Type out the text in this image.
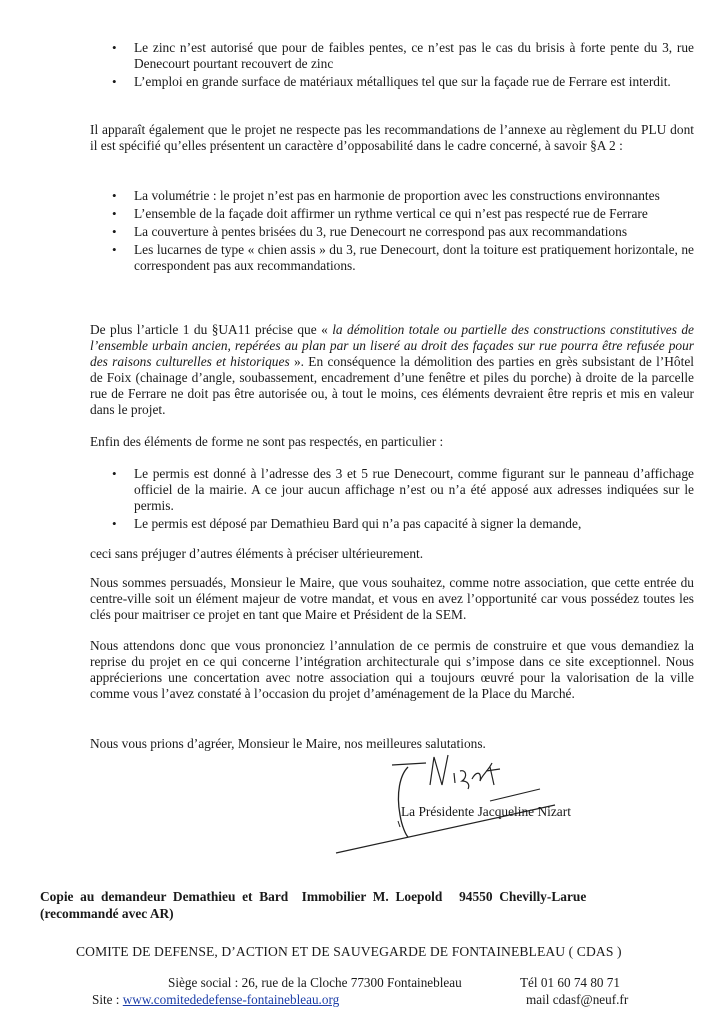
• Le zinc n’est autorisé que pour de faibles pentes, ce n’est pas le cas du brisis à forte pente du 3, rue Denecourt pourtant recouvert de zinc
• L’emploi en grande surface de matériaux métalliques tel que sur la façade rue de Ferrare est interdit.

Il apparaît également que le projet ne respecte pas les recommandations de l’annexe au règlement du PLU dont il est spécifié qu’elles présentent un caractère d’opposabilité dans le cadre concerné, à savoir §A 2 :

• La volumétrie : le projet n’est pas en harmonie de proportion avec les constructions environnantes
• L’ensemble de la façade doit affirmer un rythme vertical ce qui n’est pas respecté rue de Ferrare
• La couverture à pentes brisées du 3, rue Denecourt ne correspond pas aux recommandations
• Les lucarnes de type « chien assis » du 3, rue Denecourt, dont la toiture est pratiquement horizontale, ne correspondent pas aux recommandations.

De plus l’article 1 du §UA11 précise que « la démolition totale ou partielle des constructions constitutives de l’ensemble urbain ancien, repérées au plan par un liseré au droit des façades sur rue pourra être refusée pour des raisons culturelles et historiques ». En conséquence la démolition des parties en grès subsistant de l’Hôtel de Foix (chainage d’angle, soubassement, encadrement d’une fenêtre et piles du porche) à droite de la parcelle rue de Ferrare ne doit pas être autorisée ou, à tout le moins, ces éléments devraient être repris et mis en valeur dans le projet.

Enfin des éléments de forme ne sont pas respectés, en particulier :

• Le permis est donné à l’adresse des 3 et 5 rue Denecourt, comme figurant sur le panneau d’affichage officiel de la mairie. A ce jour aucun affichage n’est ou n’a été apposé aux adresses indiquées sur le permis.
• Le permis est déposé par Demathieu Bard qui n’a pas capacité à signer la demande,

ceci sans préjuger d’autres éléments à préciser ultérieurement.

Nous sommes persuadés, Monsieur le Maire, que vous souhaitez, comme notre association, que cette entrée du centre-ville soit un élément majeur de votre mandat, et vous en avez l’opportunité car vous possédez toutes les clés pour maitriser ce projet en tant que Maire et Président de la SEM.

Nous attendons donc que vous prononciez l’annulation de ce permis de construire et que vous demandiez la reprise du projet en ce qui concerne l’intégration architecturale qui s’impose dans ce site exceptionnel. Nous apprécierions une concertation avec notre association qui a toujours œuvré pour la valorisation de la ville comme vous l’avez constaté à l’occasion du projet d’aménagement de la Place du Marché.

Nous vous prions d’agréer, Monsieur le Maire, nos meilleures salutations.

La Présidente Jacqueline Nizart
Copie  au  demandeur  Demathieu  et  Bard    Immobilier  M.  Loepold     94550  Chevilly-Larue
(recommandé avec AR)
COMITE DE DEFENSE, D’ACTION ET DE SAUVEGARDE DE FONTAINEBLEAU ( CDAS )
Siège social : 26, rue de la Cloche 77300 Fontainebleau	Tél 01 60 74 80 71
Site : www.comitededefense-fontainebleau.org	mail cdasf@neuf.fr
